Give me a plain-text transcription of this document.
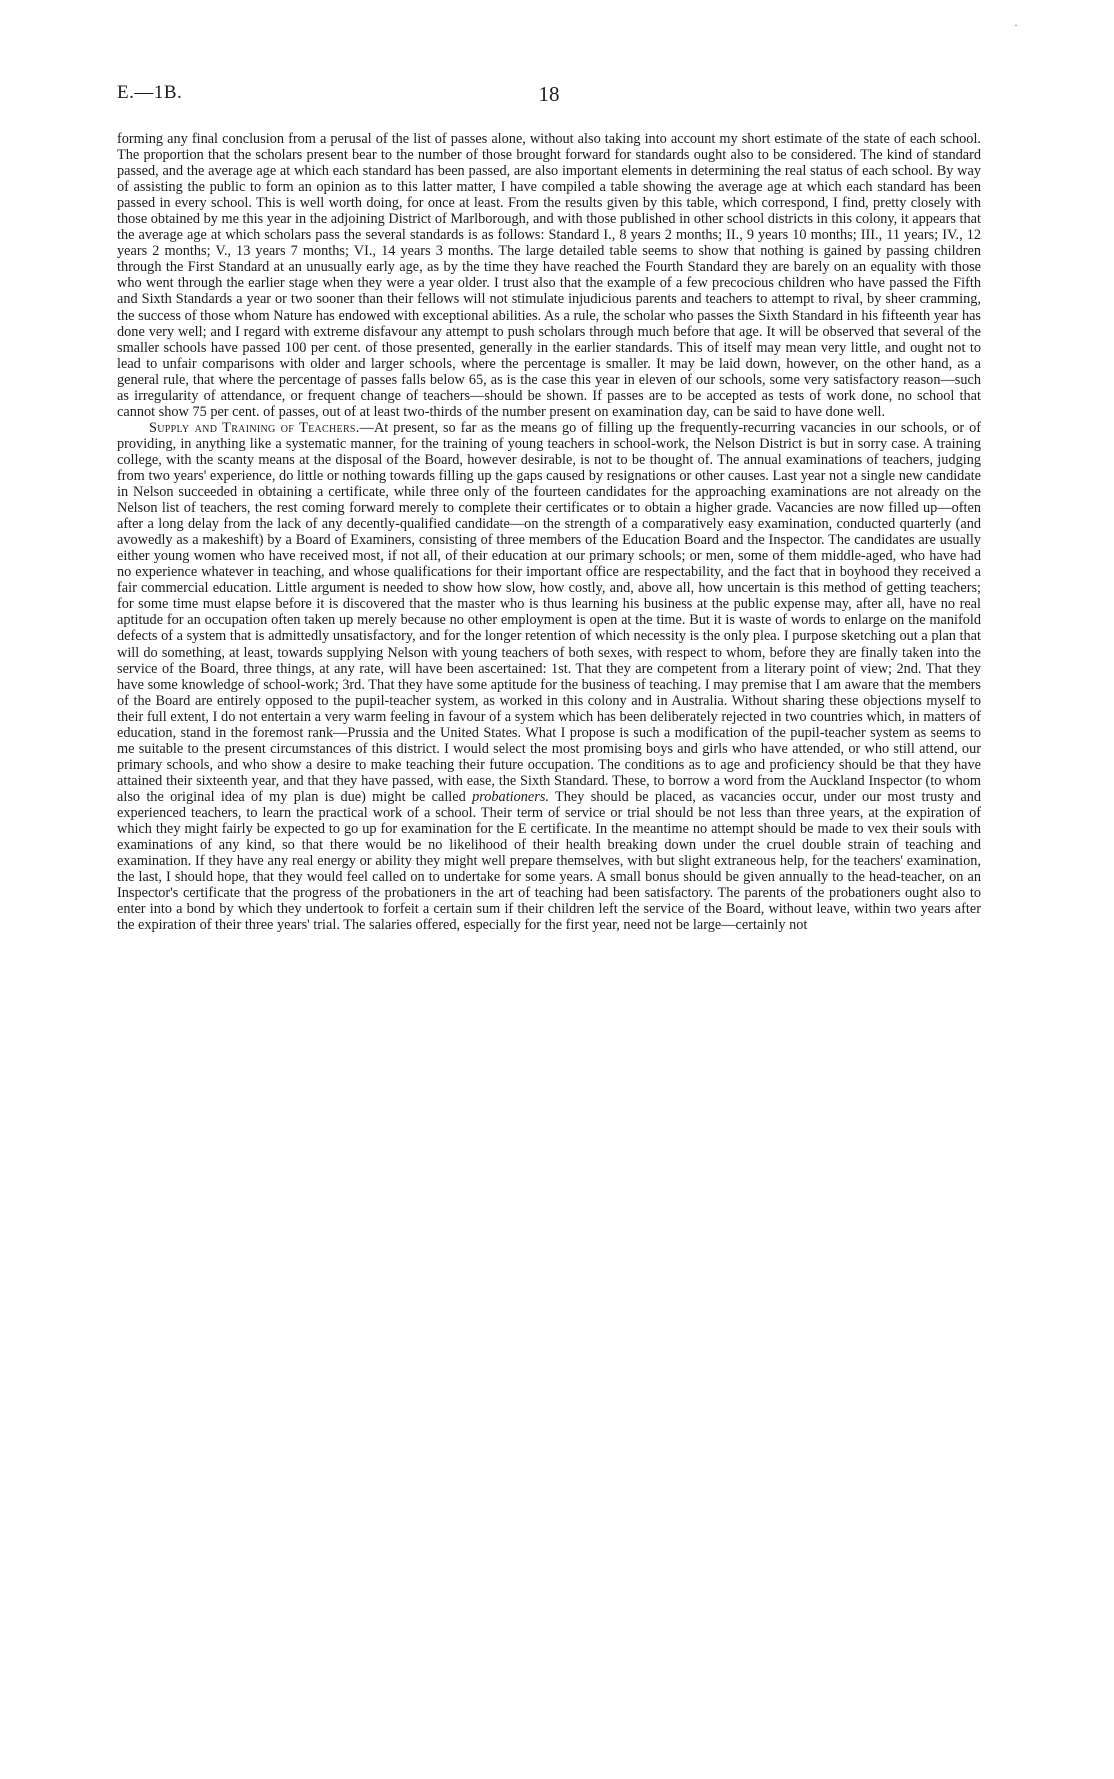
·
E.—1B.	18

forming any final conclusion from a perusal of the list of passes alone, without also taking into account my short estimate of the state of each school. The proportion that the scholars present bear to the number of those brought forward for standards ought also to be considered. The kind of standard passed, and the average age at which each standard has been passed, are also important elements in determining the real status of each school. By way of assisting the public to form an opinion as to this latter matter, I have compiled a table showing the average age at which each standard has been passed in every school. This is well worth doing, for once at least. From the results given by this table, which correspond, I find, pretty closely with those obtained by me this year in the adjoining District of Marlborough, and with those published in other school districts in this colony, it appears that the average age at which scholars pass the several standards is as follows: Standard I., 8 years 2 months; II., 9 years 10 months; III., 11 years; IV., 12 years 2 months; V., 13 years 7 months; VI., 14 years 3 months. The large detailed table seems to show that nothing is gained by passing children through the First Standard at an unusually early age, as by the time they have reached the Fourth Standard they are barely on an equality with those who went through the earlier stage when they were a year older. I trust also that the example of a few precocious children who have passed the Fifth and Sixth Standards a year or two sooner than their fellows will not stimulate injudicious parents and teachers to attempt to rival, by sheer cramming, the success of those whom Nature has endowed with exceptional abilities. As a rule, the scholar who passes the Sixth Standard in his fifteenth year has done very well; and I regard with extreme disfavour any attempt to push scholars through much before that age. It will be observed that several of the smaller schools have passed 100 per cent. of those presented, generally in the earlier standards. This of itself may mean very little, and ought not to lead to unfair comparisons with older and larger schools, where the percentage is smaller. It may be laid down, however, on the other hand, as a general rule, that where the percentage of passes falls below 65, as is the case this year in eleven of our schools, some very satisfactory reason—such as irregularity of attendance, or frequent change of teachers—should be shown. If passes are to be accepted as tests of work done, no school that cannot show 75 per cent. of passes, out of at least two-thirds of the number present on examination day, can be said to have done well.

Supply and Training of Teachers.—At present, so far as the means go of filling up the frequently-recurring vacancies in our schools, or of providing, in anything like a systematic manner, for the training of young teachers in school-work, the Nelson District is but in sorry case. A training college, with the scanty means at the disposal of the Board, however desirable, is not to be thought of. The annual examinations of teachers, judging from two years' experience, do little or nothing towards filling up the gaps caused by resignations or other causes. Last year not a single new candidate in Nelson succeeded in obtaining a certificate, while three only of the fourteen candidates for the approaching examinations are not already on the Nelson list of teachers, the rest coming forward merely to complete their certificates or to obtain a higher grade. Vacancies are now filled up—often after a long delay from the lack of any decently-qualified candidate—on the strength of a comparatively easy examination, conducted quarterly (and avowedly as a makeshift) by a Board of Examiners, consisting of three members of the Education Board and the Inspector. The candidates are usually either young women who have received most, if not all, of their education at our primary schools; or men, some of them middle-aged, who have had no experience whatever in teaching, and whose qualifications for their important office are respectability, and the fact that in boyhood they received a fair commercial education. Little argument is needed to show how slow, how costly, and, above all, how uncertain is this method of getting teachers; for some time must elapse before it is discovered that the master who is thus learning his business at the public expense may, after all, have no real aptitude for an occupation often taken up merely because no other employment is open at the time. But it is waste of words to enlarge on the manifold defects of a system that is admittedly unsatisfactory, and for the longer retention of which necessity is the only plea. I purpose sketching out a plan that will do something, at least, towards supplying Nelson with young teachers of both sexes, with respect to whom, before they are finally taken into the service of the Board, three things, at any rate, will have been ascertained: 1st. That they are competent from a literary point of view; 2nd. That they have some knowledge of school-work; 3rd. That they have some aptitude for the business of teaching. I may premise that I am aware that the members of the Board are entirely opposed to the pupil-teacher system, as worked in this colony and in Australia. Without sharing these objections myself to their full extent, I do not entertain a very warm feeling in favour of a system which has been deliberately rejected in two countries which, in matters of education, stand in the foremost rank—Prussia and the United States. What I propose is such a modification of the pupil-teacher system as seems to me suitable to the present circumstances of this district. I would select the most promising boys and girls who have attended, or who still attend, our primary schools, and who show a desire to make teaching their future occupation. The conditions as to age and proficiency should be that they have attained their sixteenth year, and that they have passed, with ease, the Sixth Standard. These, to borrow a word from the Auckland Inspector (to whom also the original idea of my plan is due) might be called probationers. They should be placed, as vacancies occur, under our most trusty and experienced teachers, to learn the practical work of a school. Their term of service or trial should be not less than three years, at the expiration of which they might fairly be expected to go up for examination for the E certificate. In the meantime no attempt should be made to vex their souls with examinations of any kind, so that there would be no likelihood of their health breaking down under the cruel double strain of teaching and examination. If they have any real energy or ability they might well prepare themselves, with but slight extraneous help, for the teachers' examination, the last, I should hope, that they would feel called on to undertake for some years. A small bonus should be given annually to the head-teacher, on an Inspector's certificate that the progress of the probationers in the art of teaching had been satisfactory. The parents of the probationers ought also to enter into a bond by which they undertook to forfeit a certain sum if their children left the service of the Board, without leave, within two years after the expiration of their three years' trial. The salaries offered, especially for the first year, need not be large—certainly not
